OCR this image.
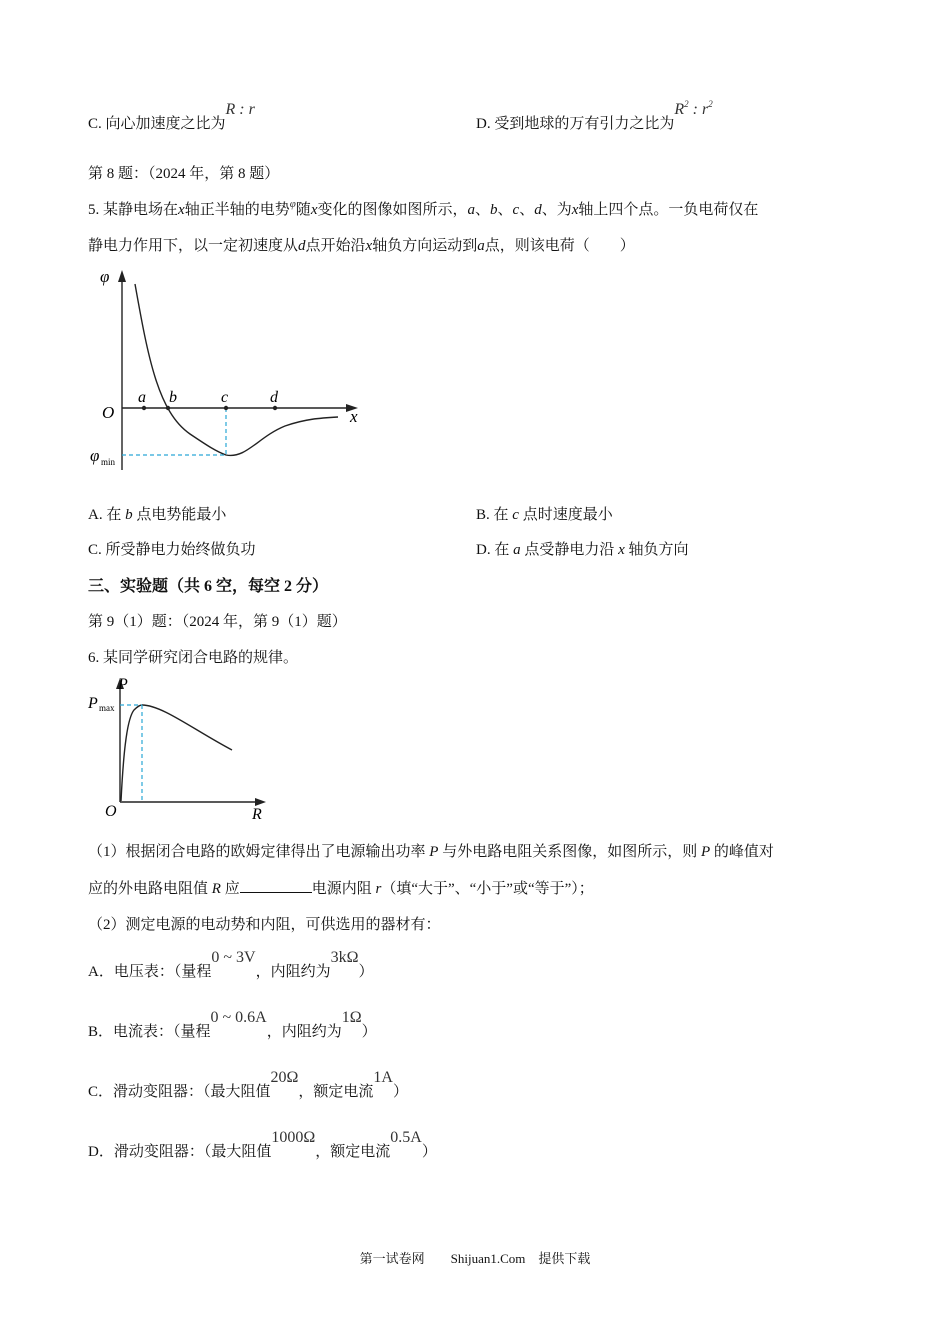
C. 向心加速度之比为R : r
D. 受到地球的万有引力之比为$R^2$ : $r^2$
第 8 题：（2024 年，第 8 题）
5. 某静电场在x轴正半轴的电势$^\varphi$随x变化的图像如图所示，a、b、c、d、为x轴上四个点。一负电荷仅在
静电力作用下，以一定初速度从d点开始沿x轴负方向运动到a点，则该电荷（　　）
φ
O	x
a b	c	d
φ min
A. 在 b 点电势能最小	B. 在 c 点时速度最小
C. 所受静电力始终做负功	D. 在 a 点受静电力沿 x 轴负方向
三、实验题（共 6 空，每空 2 分）
第 9（1）题：（2024 年，第 9（1）题）
6. 某同学研究闭合电路的规律。
P
P max
O	R
（1）根据闭合电路的欧姆定律得出了电源输出功率 P 与外电路电阻关系图像，如图所示，则 P 的峰值对
应的外电路电阻值 R 应	电源内阻 r（填“大于”、“小于”或“等于”）；
（2）测定电源的电动势和内阻，可供选用的器材有：
A．电压表：（量程0 ~ 3V，内阻约为3kΩ）
B．电流表：（量程0 ~ 0.6A，内阻约为1Ω）
C．滑动变阻器：（最大阻值20Ω，额定电流1A）
D．滑动变阻器：（最大阻值1000Ω，额定电流0.5A）
第一试卷网　　Shijuan1.Com　提供下载
